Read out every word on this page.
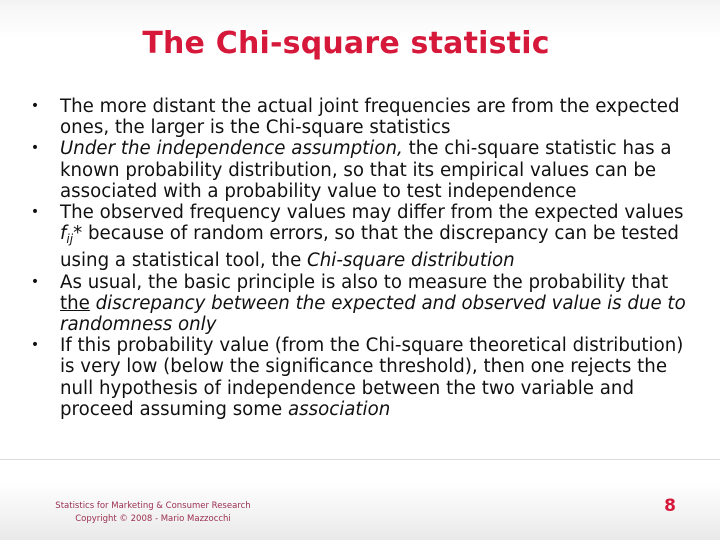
The Chi-square statistic
• The more distant the actual joint frequencies are from the expected ones, the larger is the Chi-square statistics
• Under the independence assumption, the chi-square statistic has a known probability distribution, so that its empirical values can be associated with a probability value to test independence
• The observed frequency values may differ from the expected values $f_{ij}*$ because of random errors, so that the discrepancy can be tested using a statistical tool, the Chi-square distribution
• As usual, the basic principle is also to measure the probability that the discrepancy between the expected and observed value is due to randomness only
• If this probability value (from the Chi-square theoretical distribution) is very low (below the significance threshold), then one rejects the null hypothesis of independence between the two variable and proceed assuming some association
Statistics for Marketing & Consumer Research
Copyright © 2008 - Mario Mazzocchi
8
